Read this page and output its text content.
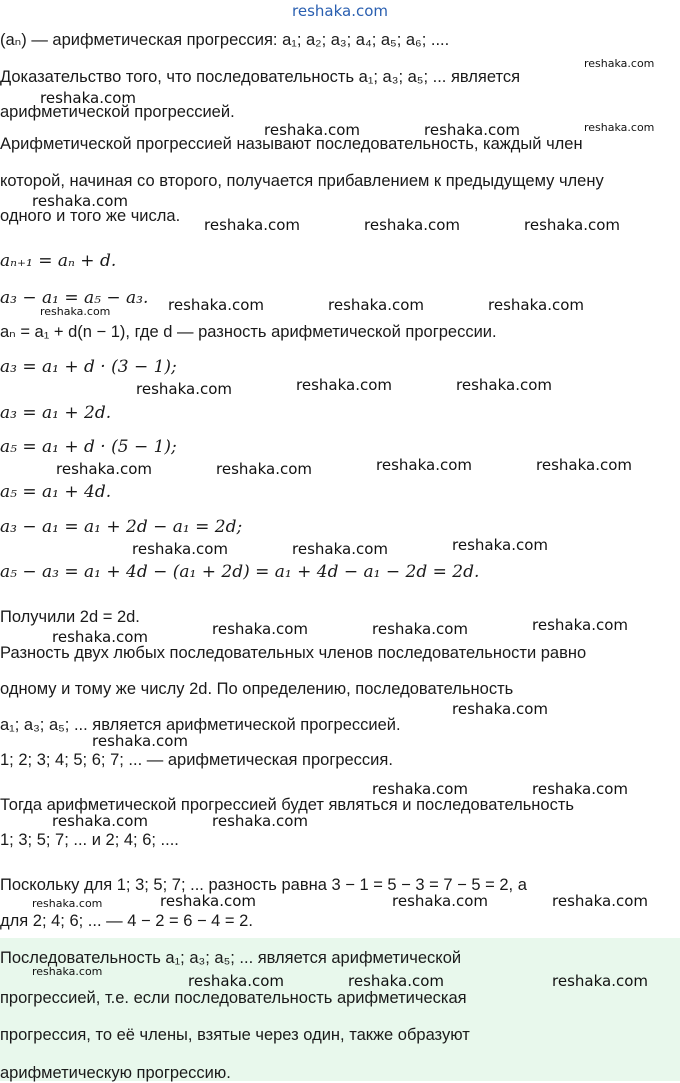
(aₙ) — арифметическая прогрессия: a₁; a₂; a₃; a₄; a₅; a₆; ....
Доказательство того, что последовательность a₁; a₃; a₅; ... является
арифметической прогрессией.
Арифметической прогрессией называют последовательность, каждый член
которой, начиная со второго, получается прибавлением к предыдущему члену
одного и того же числа.
aₙ₊₁ = aₙ + d.
a₃ − a₁ = a₅ − a₃.
aₙ = a₁ + d(n − 1), где d — разность арифметической прогрессии.
a₃ = a₁ + d · (3 − 1);
a₃ = a₁ + 2d.
a₅ = a₁ + d · (5 − 1);
a₅ = a₁ + 4d.
a₃ − a₁ = a₁ + 2d − a₁ = 2d;
a₅ − a₃ = a₁ + 4d − (a₁ + 2d) = a₁ + 4d − a₁ − 2d = 2d.
Получили 2d = 2d.
Разность двух любых последовательных членов последовательности равно
одному и тому же числу 2d. По определению, последовательность
a₁; a₃; a₅; ... является арифметической прогрессией.
1; 2; 3; 4; 5; 6; 7; ... — арифметическая прогрессия.
Тогда арифметической прогрессией будет являться и последовательность
1; 3; 5; 7; ... и 2; 4; 6; ....
Поскольку для 1; 3; 5; 7; ... разность равна 3 − 1 = 5 − 3 = 7 − 5 = 2, а
для 2; 4; 6; ... — 4 − 2 = 6 − 4 = 2.
Последовательность a₁; a₃; a₅; ... является арифметической
прогрессией, т.е. если последовательность арифметическая
прогрессия, то её члены, взятые через один, также образуют
арифметическую прогрессию.
reshaka.com
reshaka.com
reshaka.com
reshaka.com	reshaka.com	reshaka.com
reshaka.com
reshaka.com	reshaka.com	reshaka.com
reshaka.com	reshaka.com	reshaka.com
reshaka.com
reshaka.com	reshaka.com	reshaka.com
reshaka.com	reshaka.com	reshaka.com	reshaka.com
reshaka.com	reshaka.com	reshaka.com
reshaka.com	reshaka.com	reshaka.com	reshaka.com
reshaka.com
reshaka.com
reshaka.com	reshaka.com
reshaka.com	reshaka.com
reshaka.com	reshaka.com	reshaka.com	reshaka.com
reshaka.com
reshaka.com	reshaka.com	reshaka.com
